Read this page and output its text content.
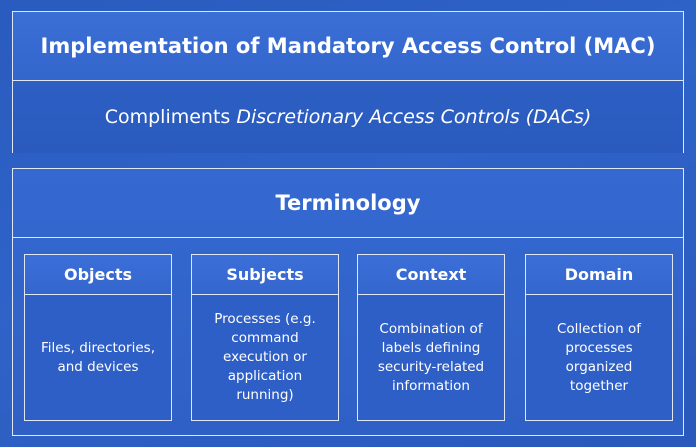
Implementation of Mandatory Access Control (MAC)
Compliments Discretionary Access Controls (DACs)
Terminology
Objects
Files, directories, and devices
Subjects
Processes (e.g. command execution or application running)
Context
Combination of labels defining security-related information
Domain
Collection of processes organized together
